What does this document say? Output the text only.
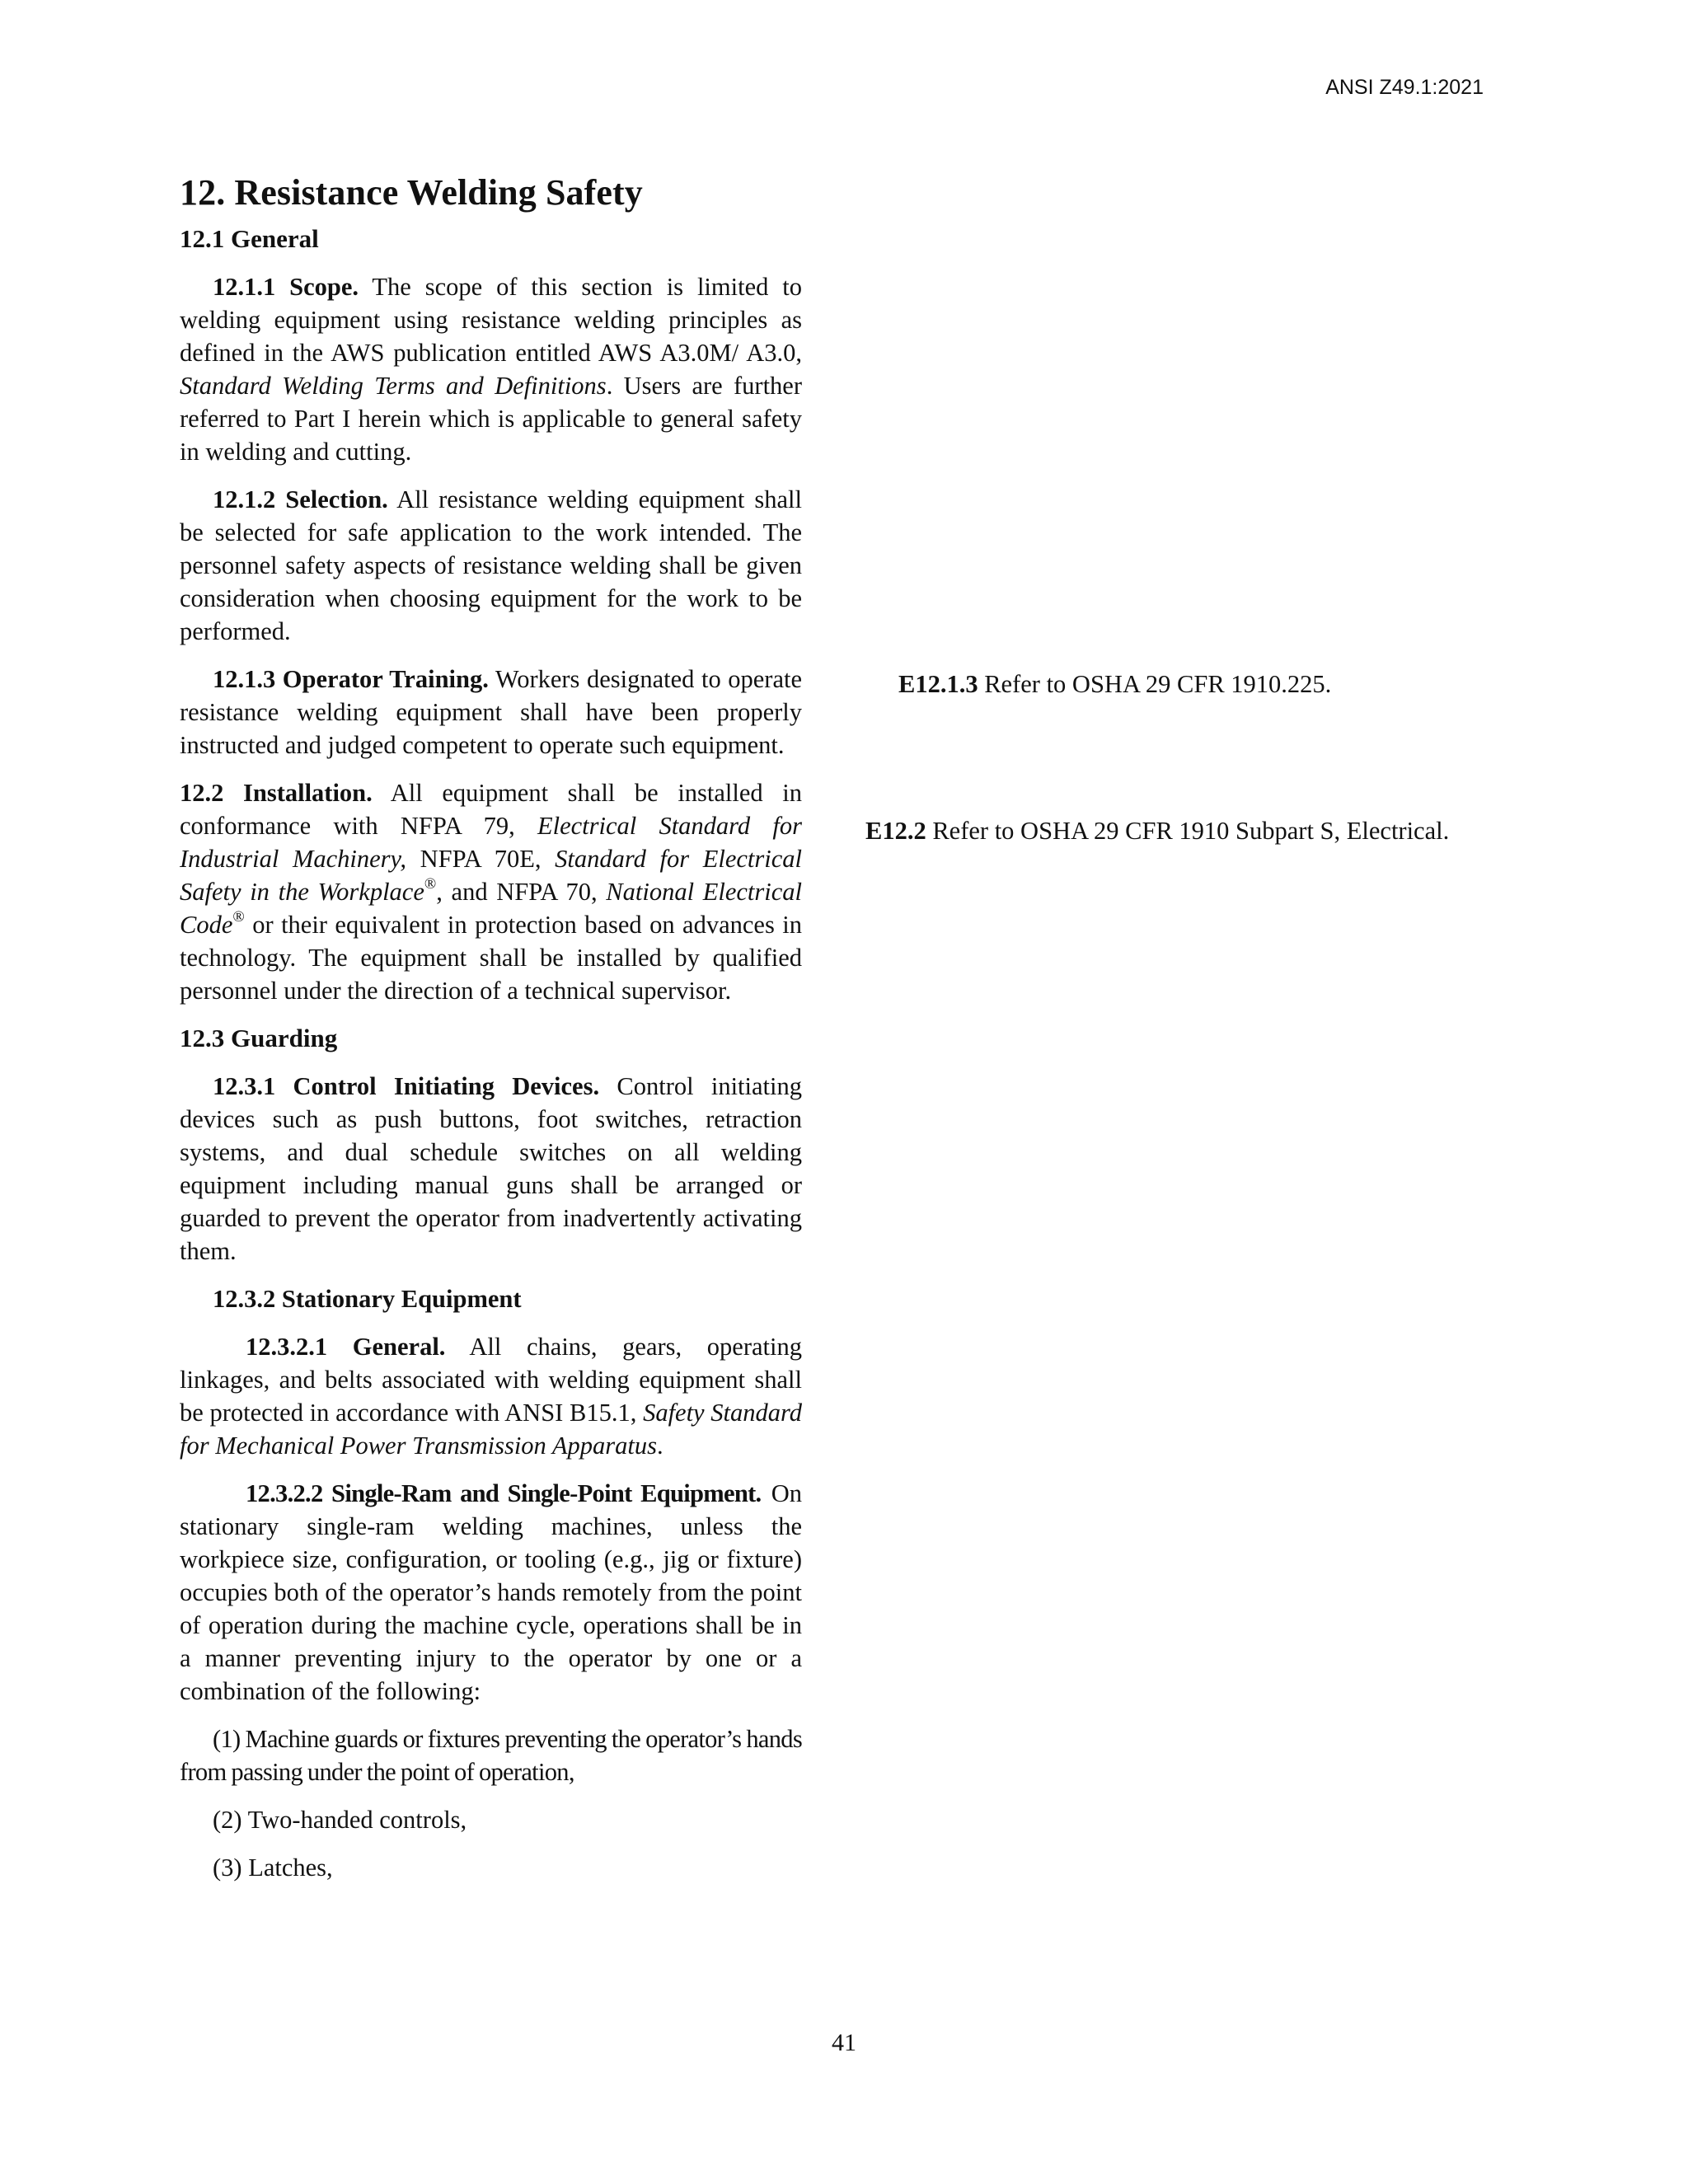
ANSI Z49.1:2021
12. Resistance Welding Safety
12.1 General

12.1.1 Scope. The scope of this section is limited to welding equipment using resistance welding principles as defined in the AWS publication entitled AWS A3.0M/ A3.0, Standard Welding Terms and Definitions. Users are further referred to Part I herein which is applicable to general safety in welding and cutting.

12.1.2 Selection. All resistance welding equipment shall be selected for safe application to the work intended. The personnel safety aspects of resistance welding shall be given consideration when choosing equipment for the work to be performed.

12.1.3 Operator Training. Workers designated to operate resistance welding equipment shall have been properly instructed and judged competent to operate such equipment.

12.2 Installation. All equipment shall be installed in conformance with NFPA 79, Electrical Standard for Industrial Machinery, NFPA 70E, Standard for Electrical Safety in the Workplace®, and NFPA 70, National Electrical Code® or their equivalent in protection based on advances in technology. The equipment shall be installed by qualified personnel under the direction of a technical supervisor.

12.3 Guarding

12.3.1 Control Initiating Devices. Control initiating devices such as push buttons, foot switches, retraction systems, and dual schedule switches on all welding equipment including manual guns shall be arranged or guarded to prevent the operator from inadvertently activating them.

12.3.2 Stationary Equipment

12.3.2.1 General. All chains, gears, operating linkages, and belts associated with welding equipment shall be protected in accordance with ANSI B15.1, Safety Standard for Mechanical Power Transmission Apparatus.

12.3.2.2 Single-Ram and Single-Point Equipment. On stationary single-ram welding machines, unless the workpiece size, configuration, or tooling (e.g., jig or fixture) occupies both of the operator’s hands remotely from the point of operation during the machine cycle, operations shall be in a manner preventing injury to the operator by one or a combination of the following:

(1) Machine guards or fixtures preventing the operator’s hands from passing under the point of operation,

(2) Two-handed controls,

(3) Latches,

E12.1.3 Refer to OSHA 29 CFR 1910.225.

E12.2 Refer to OSHA 29 CFR 1910 Subpart S, Electrical.

41
